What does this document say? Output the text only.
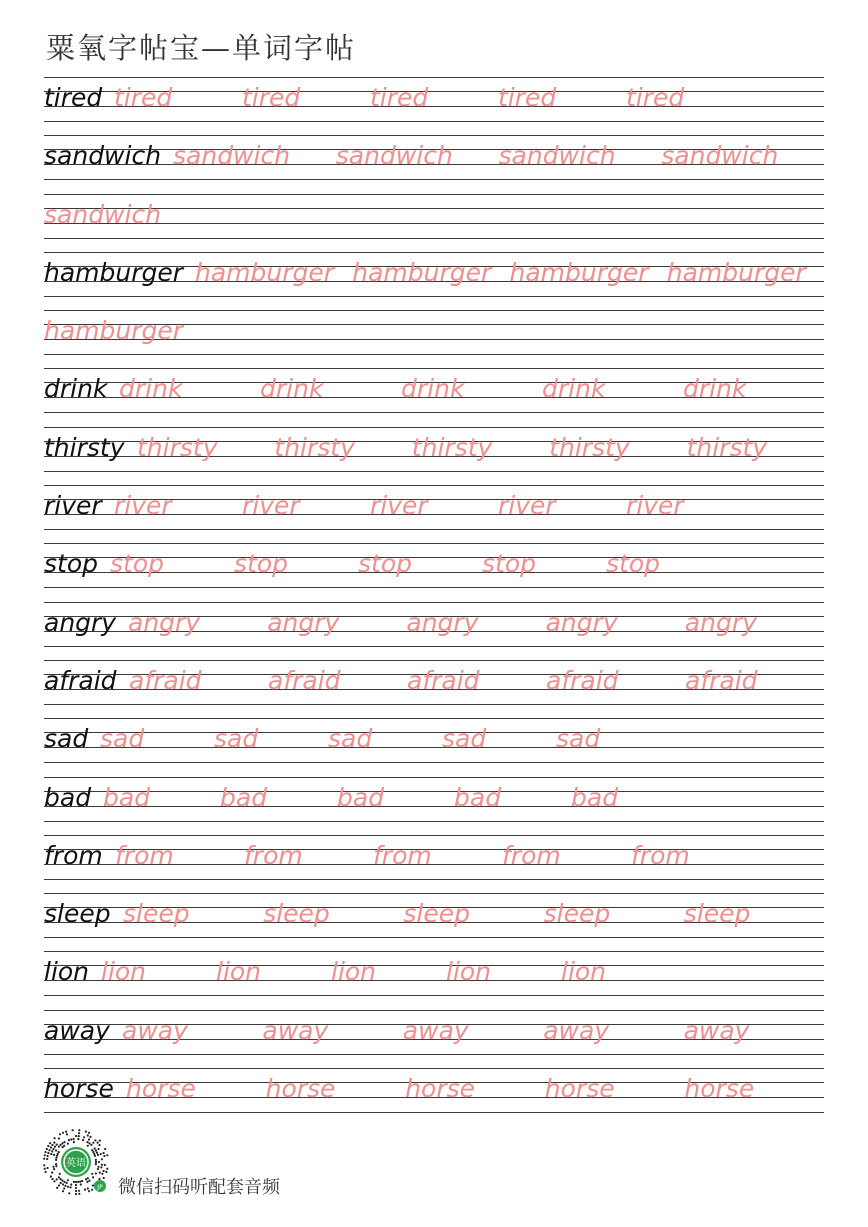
粟氧字帖宝—单词字帖
tired tired	tired	tired	tired	tired
sandwich sandwich sandwich sandwich sandwich
sandwich
hamburger hamburger hamburger hamburger hamburger
hamburger
drink drink	drink	drink	drink	drink
thirsty thirsty thirsty thirsty thirsty thirsty
river river	river	river	river	river
stop stop	stop	stop	stop	stop
angry angry	angry	angry	angry	angry
afraid afraid	afraid	afraid	afraid	afraid
sad sad	sad	sad	sad	sad
bad bad	bad	bad	bad	bad
from from	from	from	from	from
sleep sleep	sleep	sleep	sleep	sleep
lion lion	lion	lion	lion	lion
away away	away	away	away	away
horse horse	horse	horse	horse	horse
英语
JP 微信扫码听配套音频
